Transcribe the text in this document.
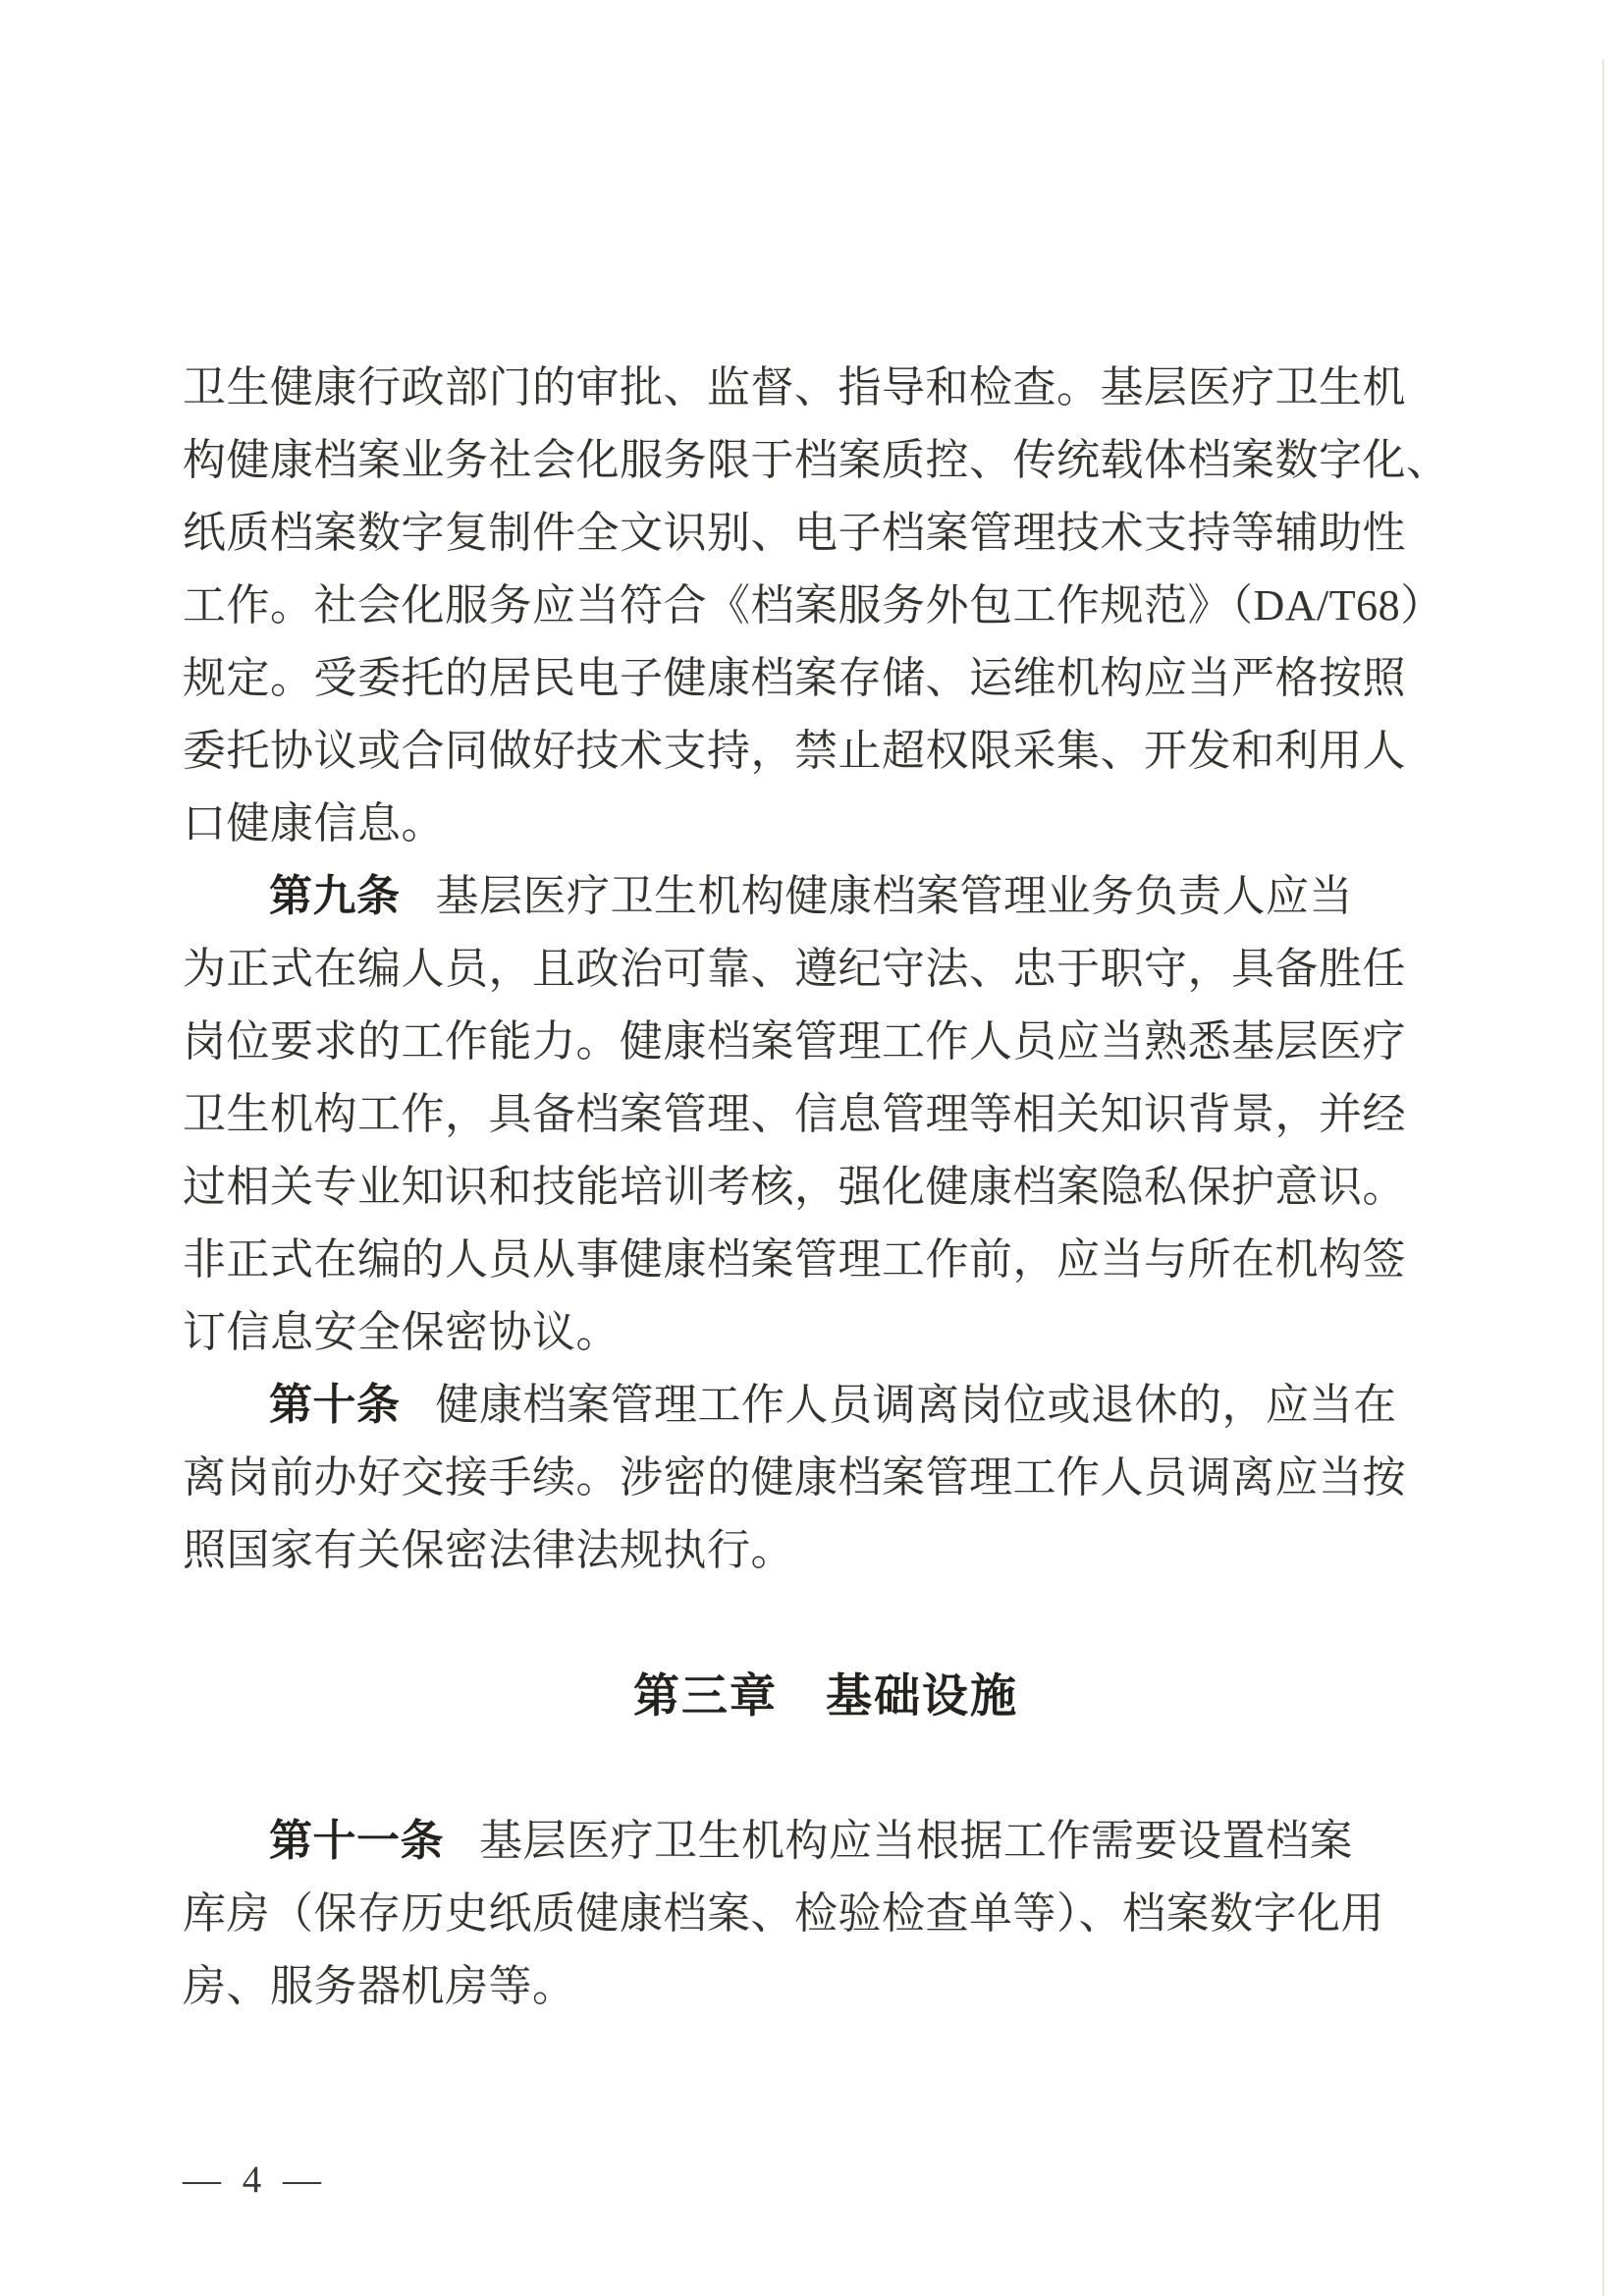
卫生健康行政部门的审批、监督、指导和检查。基层医疗卫生机
构健康档案业务社会化服务限于档案质控、传统载体档案数字化、
纸质档案数字复制件全文识别、电子档案管理技术支持等辅助性
工作。社会化服务应当符合《档案服务外包工作规范》（DA/T68）
规定。受委托的居民电子健康档案存储、运维机构应当严格按照
委托协议或合同做好技术支持，禁止超权限采集、开发和利用人
口健康信息。

第九条 基层医疗卫生机构健康档案管理业务负责人应当
为正式在编人员，且政治可靠、遵纪守法、忠于职守，具备胜任
岗位要求的工作能力。健康档案管理工作人员应当熟悉基层医疗
卫生机构工作，具备档案管理、信息管理等相关知识背景，并经
过相关专业知识和技能培训考核，强化健康档案隐私保护意识。
非正式在编的人员从事健康档案管理工作前，应当与所在机构签
订信息安全保密协议。

第十条 健康档案管理工作人员调离岗位或退休的，应当在
离岗前办好交接手续。涉密的健康档案管理工作人员调离应当按
照国家有关保密法律法规执行。

第三章　基础设施

第十一条 基层医疗卫生机构应当根据工作需要设置档案
库房（保存历史纸质健康档案、检验检查单等）、档案数字化用
房、服务器机房等。

— 4 —
